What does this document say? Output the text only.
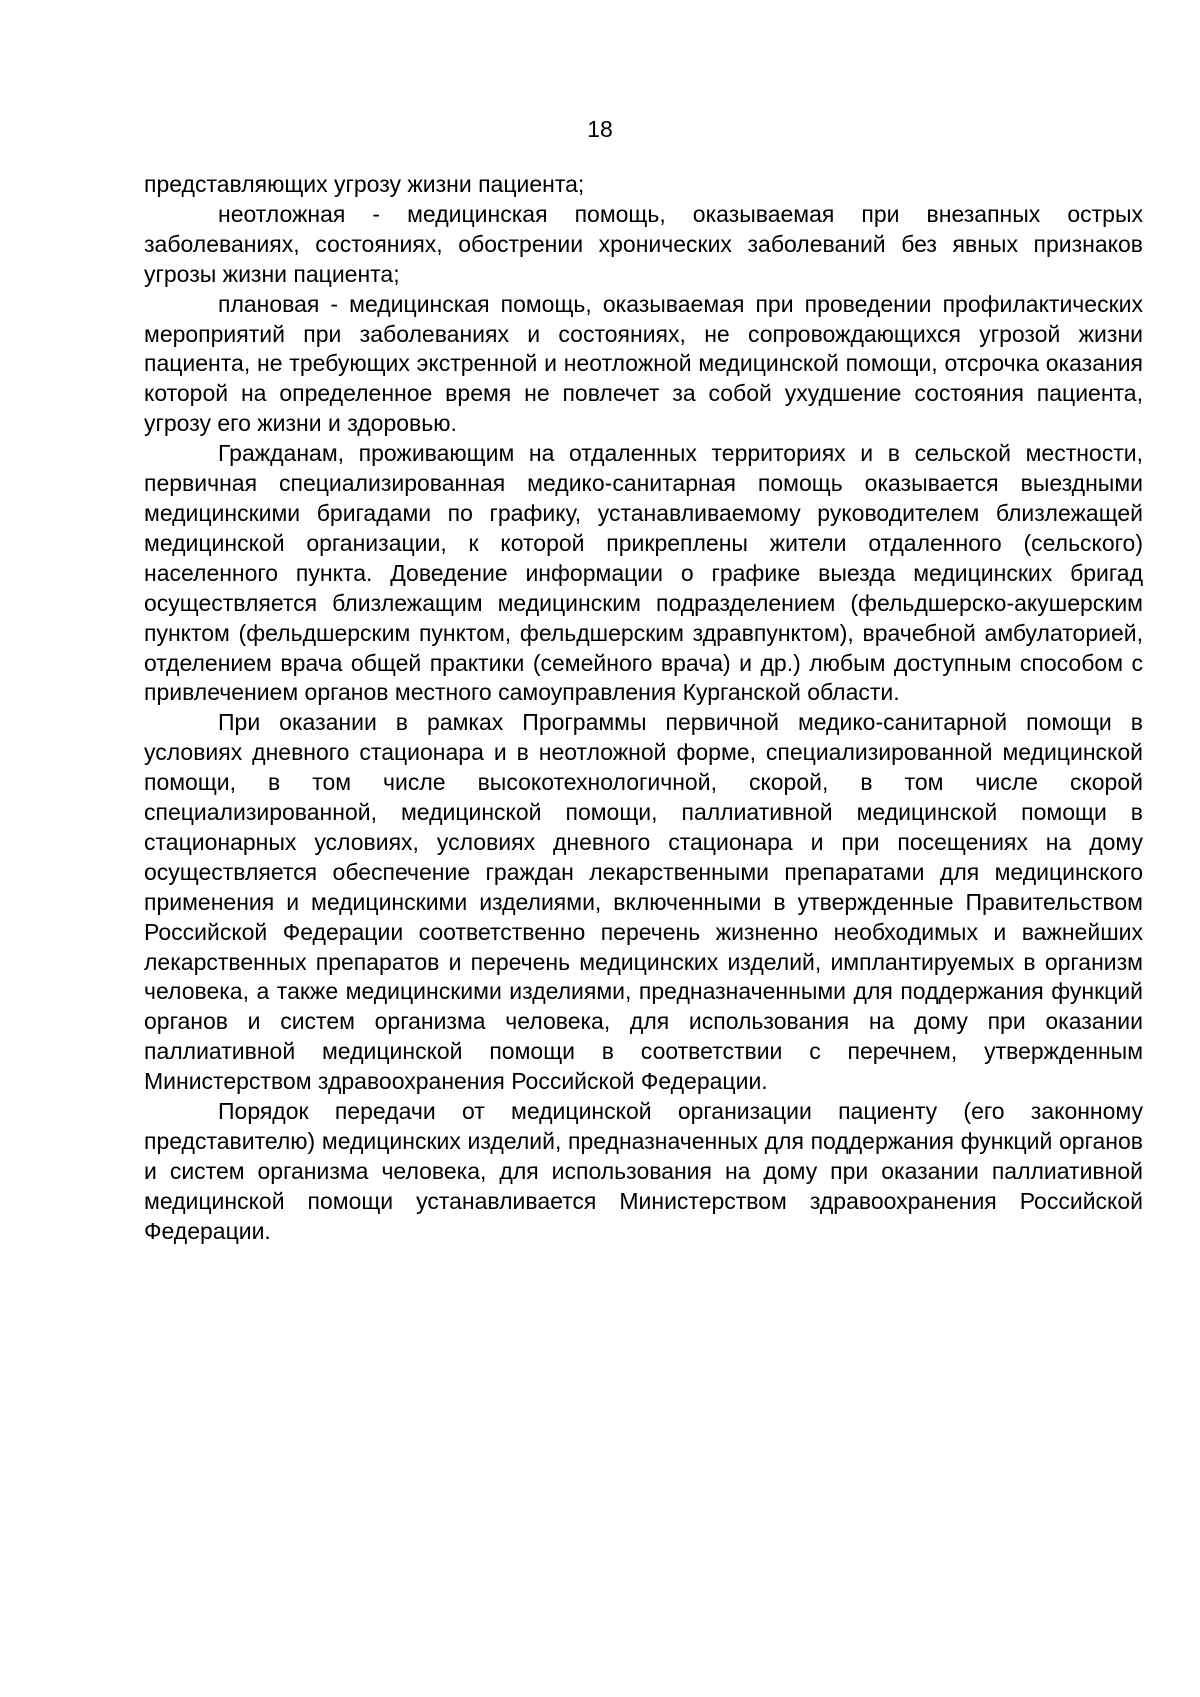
18

представляющих угрозу жизни пациента;

неотложная - медицинская помощь, оказываемая при внезапных острых заболеваниях, состояниях, обострении хронических заболеваний без явных признаков угрозы жизни пациента;

плановая - медицинская помощь, оказываемая при проведении профилактических мероприятий при заболеваниях и состояниях, не сопровождающихся угрозой жизни пациента, не требующих экстренной и неотложной медицинской помощи, отсрочка оказания которой на определенное время не повлечет за собой ухудшение состояния пациента, угрозу его жизни и здоровью.

Гражданам, проживающим на отдаленных территориях и в сельской местности, первичная специализированная медико-санитарная помощь оказывается выездными медицинскими бригадами по графику, устанавливаемому руководителем близлежащей медицинской организации, к которой прикреплены жители отдаленного (сельского) населенного пункта. Доведение информации о графике выезда медицинских бригад осуществляется близлежащим медицинским подразделением (фельдшерско-акушерским пунктом (фельдшерским пунктом, фельдшерским здравпунктом), врачебной амбулаторией, отделением врача общей практики (семейного врача) и др.) любым доступным способом с привлечением органов местного самоуправления Курганской области.

При оказании в рамках Программы первичной медико-санитарной помощи в условиях дневного стационара и в неотложной форме, специализированной медицинской помощи, в том числе высокотехнологичной, скорой, в том числе скорой специализированной, медицинской помощи, паллиативной медицинской помощи в стационарных условиях, условиях дневного стационара и при посещениях на дому осуществляется обеспечение граждан лекарственными препаратами для медицинского применения и медицинскими изделиями, включенными в утвержденные Правительством Российской Федерации соответственно перечень жизненно необходимых и важнейших лекарственных препаратов и перечень медицинских изделий, имплантируемых в организм человека, а также медицинскими изделиями, предназначенными для поддержания функций органов и систем организма человека, для использования на дому при оказании паллиативной медицинской помощи в соответствии с перечнем, утвержденным Министерством здравоохранения Российской Федерации.

Порядок передачи от медицинской организации пациенту (его законному представителю) медицинских изделий, предназначенных для поддержания функций органов и систем организма человека, для использования на дому при оказании паллиативной медицинской помощи устанавливается Министерством здравоохранения Российской Федерации.
